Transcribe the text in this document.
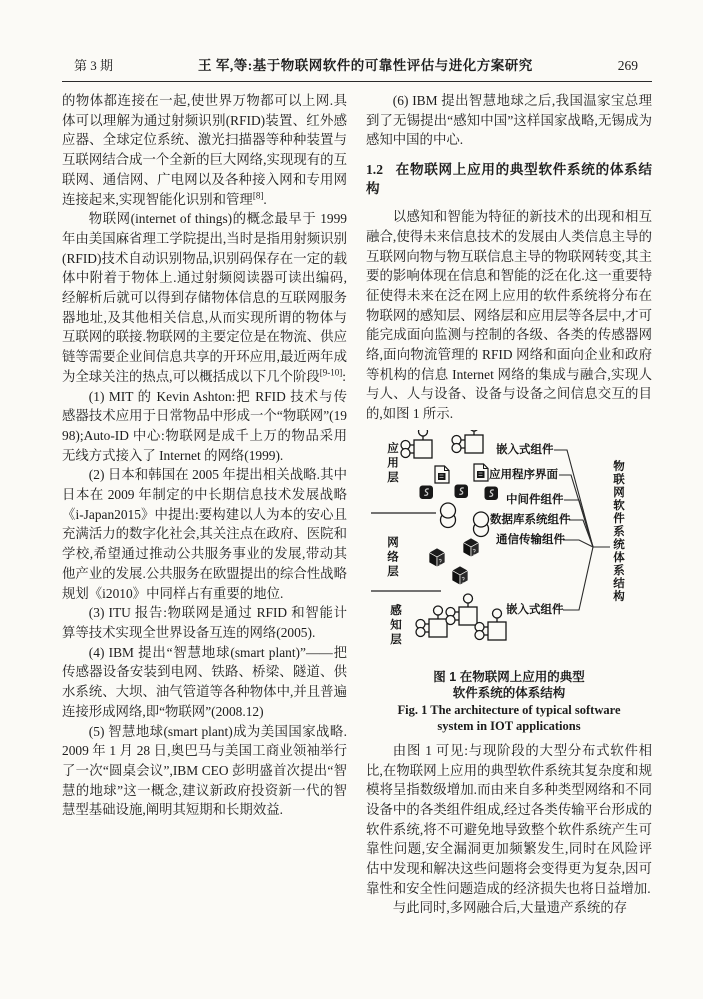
第 3 期	王 军,等:基于物联网软件的可靠性评估与进化方案研究	269

的物体都连接在一起,使世界万物都可以上网.具体可以理解为通过射频识别(RFID)装置、红外感应器、全球定位系统、激光扫描器等种种装置与互联网结合成一个全新的巨大网络,实现现有的互联网、通信网、广电网以及各种接入网和专用网连接起来,实现智能化识别和管理[8].

物联网(internet of things)的概念最早于 1999 年由美国麻省理工学院提出,当时是指用射频识别(RFID)技术自动识别物品,识别码保存在一定的载体中附着于物体上.通过射频阅读器可读出编码,经解析后就可以得到存储物体信息的互联网服务器地址,及其他相关信息,从而实现所谓的物体与互联网的联接.物联网的主要定位是在物流、供应链等需要企业间信息共享的开环应用,最近两年成为全球关注的热点,可以概括成以下几个阶段[9-10]:

(1) MIT 的 Kevin Ashton:把 RFID 技术与传感器技术应用于日常物品中形成一个“物联网”(1998);Auto-ID 中心:物联网是成千上万的物品采用无线方式接入了 Internet 的网络(1999).

(2) 日本和韩国在 2005 年提出相关战略.其中日本在 2009 年制定的中长期信息技术发展战略《i-Japan2015》中提出:要构建以人为本的安心且充满活力的数字化社会,其关注点在政府、医院和学校,希望通过推动公共服务事业的发展,带动其他产业的发展.公共服务在欧盟提出的综合性战略规划《i2010》中同样占有重要的地位.

(3) ITU 报告:物联网是通过 RFID 和智能计算等技术实现全世界设备互连的网络(2005).

(4) IBM 提出“智慧地球(smart plant)”——把传感器设备安装到电网、铁路、桥梁、隧道、供水系统、大坝、油气管道等各种物体中,并且普遍连接形成网络,即“物联网”(2008.12)

(5) 智慧地球(smart plant)成为美国国家战略.2009 年 1 月 28 日,奥巴马与美国工商业领袖举行了一次“圆桌会议”,IBM CEO 彭明盛首次提出“智慧的地球”这一概念,建议新政府投资新一代的智慧型基础设施,阐明其短期和长期效益.

(6) IBM 提出智慧地球之后,我国温家宝总理到了无锡提出“感知中国”这样国家战略,无锡成为感知中国的中心.

1.2 在物联网上应用的典型软件系统的体系结构

以感知和智能为特征的新技术的出现和相互融合,使得未来信息技术的发展由人类信息主导的互联网向物与物互联信息主导的物联网转变,其主要的影响体现在信息和智能的泛在化.这一重要特征使得未来在泛在网上应用的软件系统将分布在物联网的感知层、网络层和应用层等各层中,才可能完成面向监测与控制的各级、各类的传感器网络,面向物流管理的 RFID 网络和面向企业和政府等机构的信息 Internet 网络的集成与融合,实现人与人、人与设备、设备与设备之间信息交互的目的,如图 1 所示.

应用层
网络层
感知层
嵌入式组件
应用程序界面
中间件组件
数据库系统组件
通信传输组件
嵌入式组件
物联网软件系统体系结构
图 1 在物联网上应用的典型
软件系统的体系结构
Fig. 1 The architecture of typical software
system in IOT applications

由图 1 可见:与现阶段的大型分布式软件相比,在物联网上应用的典型软件系统其复杂度和规模将呈指数级增加.而由来自多种类型网络和不同设备中的各类组件组成,经过各类传输平台形成的软件系统,将不可避免地导致整个软件系统产生可靠性问题,安全漏洞更加频繁发生,同时在风险评估中发现和解决这些问题将会变得更为复杂,因可靠性和安全性问题造成的经济损失也将日益增加.

与此同时,多网融合后,大量遗产系统的存
